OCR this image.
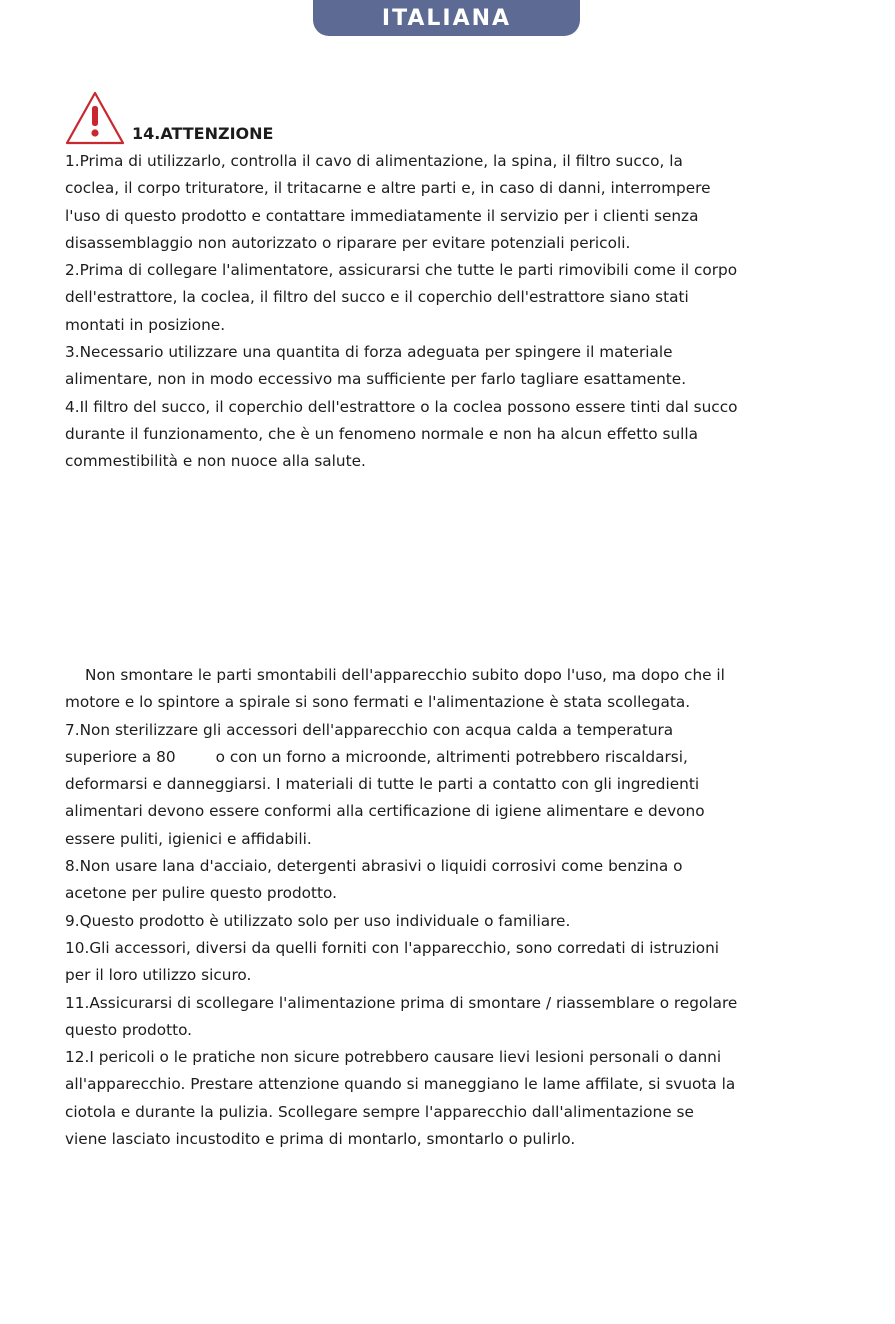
ITALIANA
14.ATTENZIONE
1.Prima di utilizzarlo, controlla il cavo di alimentazione, la spina, il filtro succo, la
coclea, il corpo trituratore, il tritacarne e altre parti e, in caso di danni, interrompere
l'uso di questo prodotto e contattare immediatamente il servizio per i clienti senza
disassemblaggio non autorizzato o riparare per evitare potenziali pericoli.
2.Prima di collegare l'alimentatore, assicurarsi che tutte le parti rimovibili come il corpo
dell'estrattore, la coclea, il filtro del succo e il coperchio dell'estrattore siano stati
montati in posizione.
3.Necessario utilizzare una quantita di forza adeguata per spingere il materiale
alimentare, non in modo eccessivo ma sufficiente per farlo tagliare esattamente.
4.Il filtro del succo, il coperchio dell'estrattore o la coclea possono essere tinti dal succo
durante il funzionamento, che è un fenomeno normale e non ha alcun effetto sulla
commestibilità e non nuoce alla salute.
Non smontare le parti smontabili dell'apparecchio subito dopo l'uso, ma dopo che il
motore e lo spintore a spirale si sono fermati e l'alimentazione è stata scollegata.
7.Non sterilizzare gli accessori dell'apparecchio con acqua calda a temperatura
superiore a 80	o con un forno a microonde, altrimenti potrebbero riscaldarsi,
deformarsi e danneggiarsi. I materiali di tutte le parti a contatto con gli ingredienti
alimentari devono essere conformi alla certificazione di igiene alimentare e devono
essere puliti, igienici e affidabili.
8.Non usare lana d'acciaio, detergenti abrasivi o liquidi corrosivi come benzina o
acetone per pulire questo prodotto.
9.Questo prodotto è utilizzato solo per uso individuale o familiare.
10.Gli accessori, diversi da quelli forniti con l'apparecchio, sono corredati di istruzioni
per il loro utilizzo sicuro.
11.Assicurarsi di scollegare l'alimentazione prima di smontare / riassemblare o regolare
questo prodotto.
12.I pericoli o le pratiche non sicure potrebbero causare lievi lesioni personali o danni
all'apparecchio. Prestare attenzione quando si maneggiano le lame affilate, si svuota la
ciotola e durante la pulizia. Scollegare sempre l'apparecchio dall'alimentazione se
viene lasciato incustodito e prima di montarlo, smontarlo o pulirlo.
